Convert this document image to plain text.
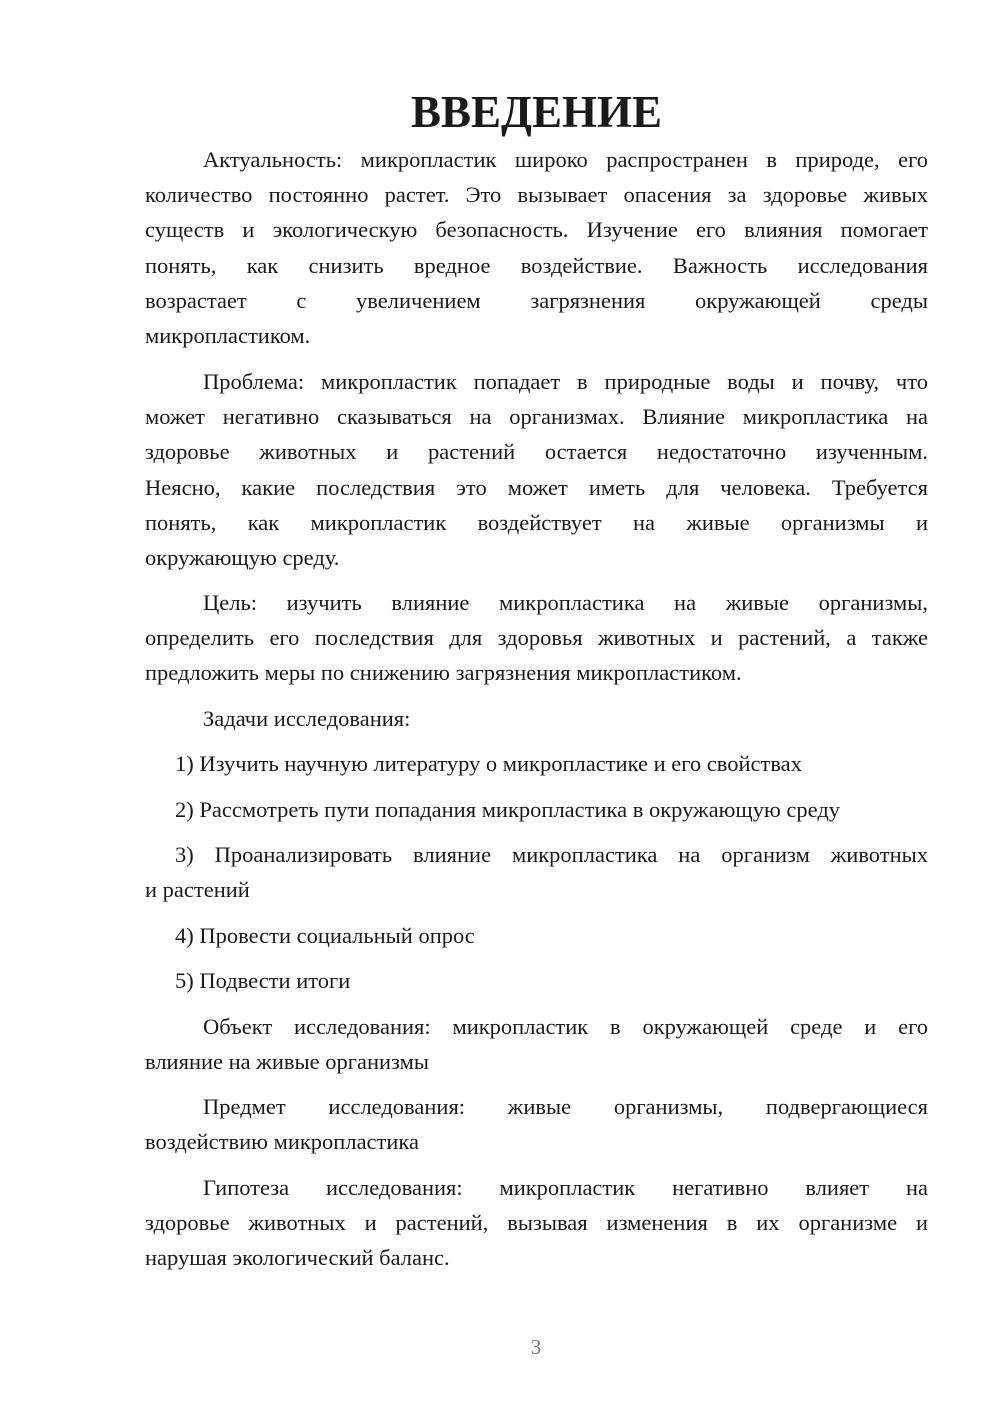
ВВЕДЕНИЕ
Актуальность: микропластик широко распространен в природе, его
количество постоянно растет. Это вызывает опасения за здоровье живых
существ и экологическую безопасность. Изучение его влияния помогает
понять, как снизить вредное воздействие. Важность исследования
возрастает с увеличением загрязнения окружающей среды
микропластиком.
Проблема: микропластик попадает в природные воды и почву, что
может негативно сказываться на организмах. Влияние микропластика на
здоровье животных и растений остается недостаточно изученным.
Неясно, какие последствия это может иметь для человека. Требуется
понять, как микропластик воздействует на живые организмы и
окружающую среду.
Цель: изучить влияние микропластика на живые организмы,
определить его последствия для здоровья животных и растений, а также
предложить меры по снижению загрязнения микропластиком.
Задачи исследования:
1) Изучить научную литературу о микропластике и его свойствах
2) Рассмотреть пути попадания микропластика в окружающую среду
3) Проанализировать влияние микропластика на организм животных
и растений
4) Провести социальный опрос
5) Подвести итоги
Объект исследования: микропластик в окружающей среде и его
влияние на живые организмы
Предмет исследования: живые организмы, подвергающиеся
воздействию микропластика
Гипотеза исследования: микропластик негативно влияет на
здоровье животных и растений, вызывая изменения в их организме и
нарушая экологический баланс.
3
